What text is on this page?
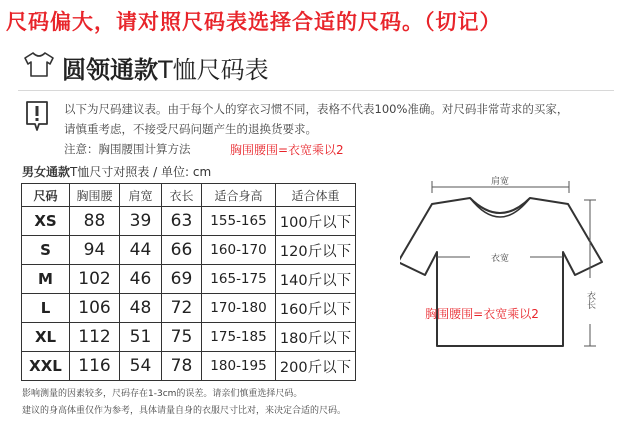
尺码偏大，请对照尺码表选择合适的尺码。（切记）
圆领通款T恤尺码表
以下为尺码建议表。由于每个人的穿衣习惯不同，表格不代表100%准确。对尺码非常苛求的买家，
请慎重考虑，不接受尺码问题产生的退换货要求。
注意：胸围腰围计算方法	胸围腰围=衣宽乘以2
男女通款T恤尺寸对照表 / 单位: cm
尺码	胸围腰	肩宽	衣长	适合身高	适合体重
XS	88	39	63	155-165	100斤以下
S	94	44	66	160-170	120斤以下
M	102	46	69	165-175	140斤以下
L	106	48	72	170-180	160斤以下
XL	112	51	75	175-185	180斤以下
XXL	116	54	78	180-195	200斤以下
肩宽
衣宽
胸围腰围=衣宽乘以2
衣长
影响测量的因素较多，尺码存在1-3cm的误差。请亲们慎重选择尺码。
建议的身高体重仅作为参考，具体请量自身的衣服尺寸比对，来决定合适的尺码。
